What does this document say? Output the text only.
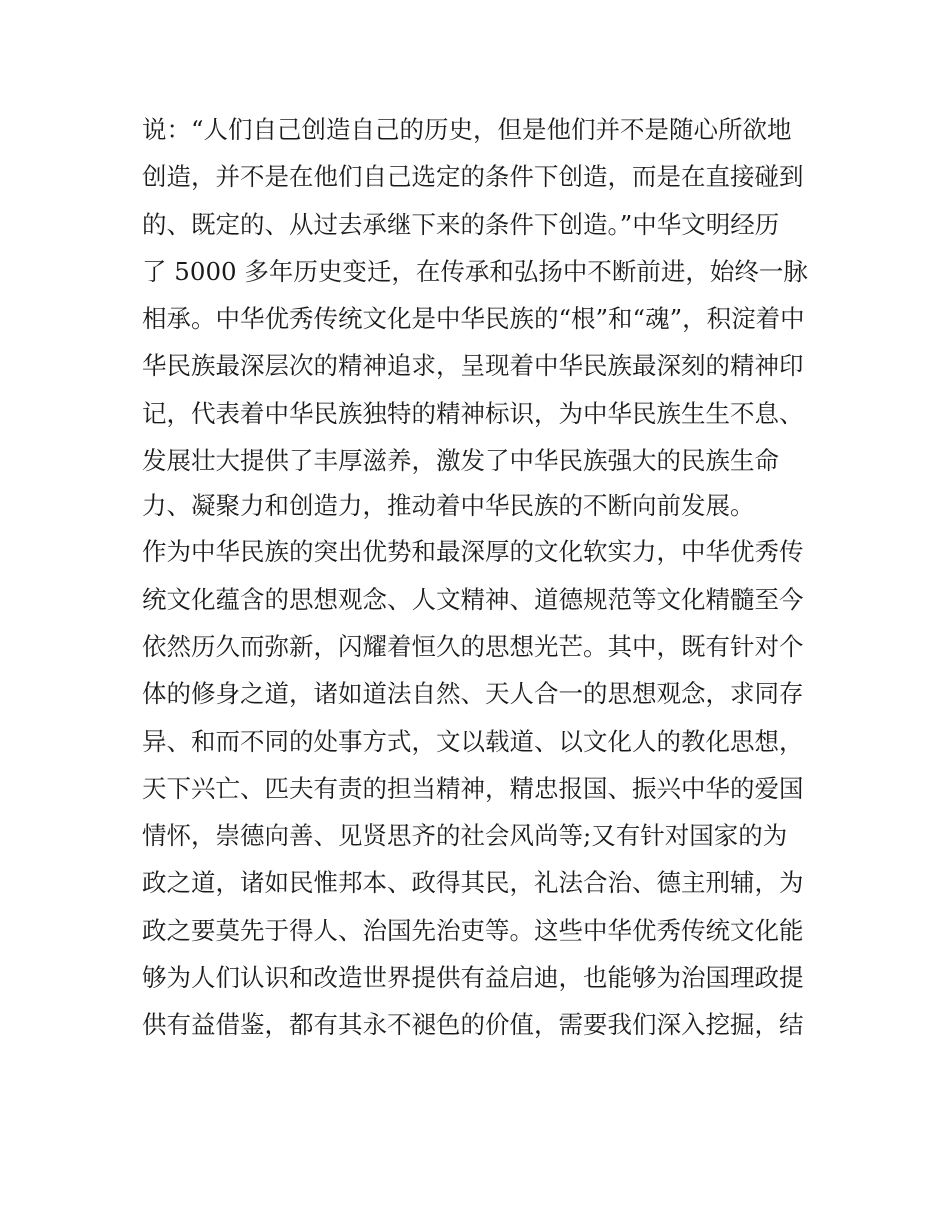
说：“人们自己创造自己的历史，但是他们并不是随心所欲地
创造，并不是在他们自己选定的条件下创造，而是在直接碰到
的、既定的、从过去承继下来的条件下创造。”中华文明经历
了 5000 多年历史变迁，在传承和弘扬中不断前进，始终一脉
相承。中华优秀传统文化是中华民族的“根”和“魂”，积淀着中
华民族最深层次的精神追求，呈现着中华民族最深刻的精神印
记，代表着中华民族独特的精神标识，为中华民族生生不息、
发展壮大提供了丰厚滋养，激发了中华民族强大的民族生命
力、凝聚力和创造力，推动着中华民族的不断向前发展。
作为中华民族的突出优势和最深厚的文化软实力，中华优秀传
统文化蕴含的思想观念、人文精神、道德规范等文化精髓至今
依然历久而弥新，闪耀着恒久的思想光芒。其中，既有针对个
体的修身之道，诸如道法自然、天人合一的思想观念，求同存
异、和而不同的处事方式，文以载道、以文化人的教化思想，
天下兴亡、匹夫有责的担当精神，精忠报国、振兴中华的爱国
情怀，崇德向善、见贤思齐的社会风尚等;又有针对国家的为
政之道，诸如民惟邦本、政得其民，礼法合治、德主刑辅，为
政之要莫先于得人、治国先治吏等。这些中华优秀传统文化能
够为人们认识和改造世界提供有益启迪，也能够为治国理政提
供有益借鉴，都有其永不褪色的价值，需要我们深入挖掘，结
